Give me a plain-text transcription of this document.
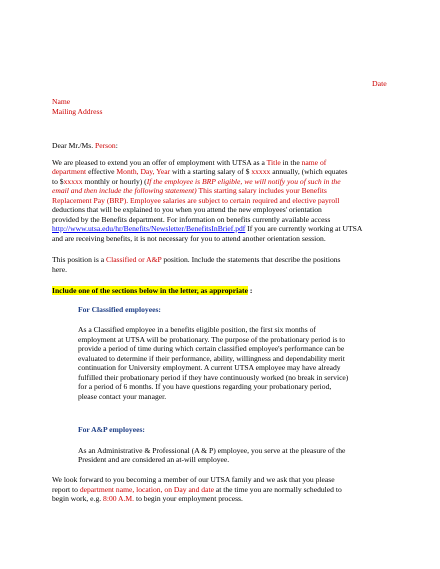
Date
Name
Mailing Address
Dear Mr./Ms. Person:
We are pleased to extend you an offer of employment with UTSA as a Title in the name of
department effective Month, Day, Year with a starting salary of $ xxxxx annually, (which equates
to $xxxxx monthly or hourly) (If the employee is BRP eligible, we will notify you of such in the
email and then include the following statement) This starting salary includes your Benefits
Replacement Pay (BRP). Employee salaries are subject to certain required and elective payroll
deductions that will be explained to you when you attend the new employees' orientation
provided by the Benefits department. For information on benefits currently available access
http://www.utsa.edu/hr/Benefits/Newsletter/BenefitsInBrief.pdf If you are currently working at UTSA
and are receiving benefits, it is not necessary for you to attend another orientation session.
This position is a Classified or A&P position. Include the statements that describe the positions
here.
Include one of the sections below in the letter, as appropriate :
For Classified employees:
As a Classified employee in a benefits eligible position, the first six months of
employment at UTSA will be probationary. The purpose of the probationary period is to
provide a period of time during which certain classified employee's performance can be
evaluated to determine if their performance, ability, willingness and dependability merit
continuation for University employment. A current UTSA employee may have already
fulfilled their probationary period if they have continuously worked (no break in service)
for a period of 6 months. If you have questions regarding your probationary period,
please contact your manager.
For A&P employees:
As an Administrative & Professional (A & P) employee, you serve at the pleasure of the
President and are considered an at-will employee.
We look forward to you becoming a member of our UTSA family and we ask that you please
report to department name, location, on Day and date at the time you are normally scheduled to
begin work, e.g. 8:00 A.M. to begin your employment process.
